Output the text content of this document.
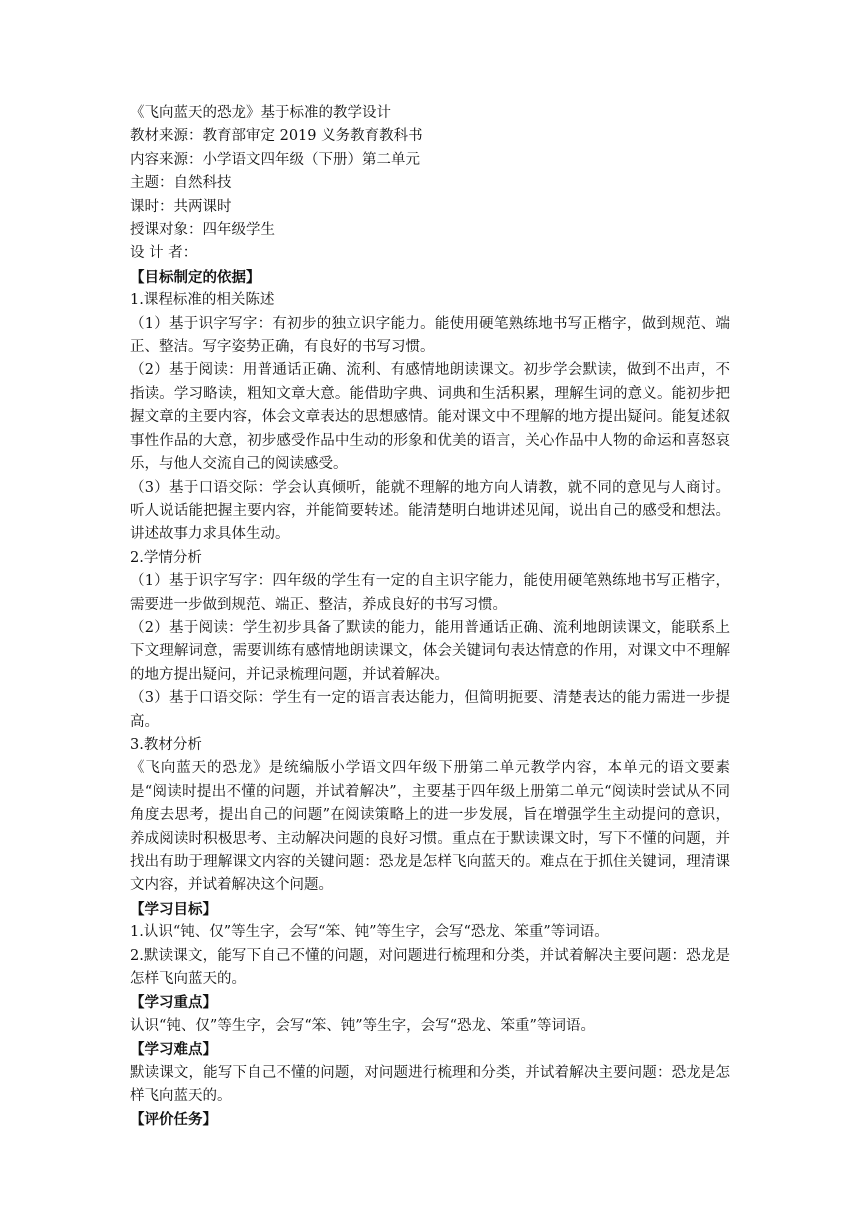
《飞向蓝天的恐龙》基于标准的教学设计
教材来源：教育部审定 2019 义务教育教科书
内容来源：小学语文四年级（下册）第二单元
主题：自然科技
课时：共两课时
授课对象：四年级学生
设 计 者：
【目标制定的依据】
1.课程标准的相关陈述
（1）基于识字写字：有初步的独立识字能力。能使用硬笔熟练地书写正楷字，做到规范、端正、整洁。写字姿势正确，有良好的书写习惯。
（2）基于阅读：用普通话正确、流利、有感情地朗读课文。初步学会默读，做到不出声，不指读。学习略读，粗知文章大意。能借助字典、词典和生活积累，理解生词的意义。能初步把握文章的主要内容，体会文章表达的思想感情。能对课文中不理解的地方提出疑问。能复述叙事性作品的大意，初步感受作品中生动的形象和优美的语言，关心作品中人物的命运和喜怒哀乐，与他人交流自己的阅读感受。
（3）基于口语交际：学会认真倾听，能就不理解的地方向人请教，就不同的意见与人商讨。听人说话能把握主要内容，并能简要转述。能清楚明白地讲述见闻，说出自己的感受和想法。讲述故事力求具体生动。
2.学情分析
（1）基于识字写字：四年级的学生有一定的自主识字能力，能使用硬笔熟练地书写正楷字，需要进一步做到规范、端正、整洁，养成良好的书写习惯。
（2）基于阅读：学生初步具备了默读的能力，能用普通话正确、流利地朗读课文，能联系上下文理解词意，需要训练有感情地朗读课文，体会关键词句表达情意的作用，对课文中不理解的地方提出疑问，并记录梳理问题，并试着解决。
（3）基于口语交际：学生有一定的语言表达能力，但简明扼要、清楚表达的能力需进一步提高。
3.教材分析
《飞向蓝天的恐龙》是统编版小学语文四年级下册第二单元教学内容，本单元的语文要素是“阅读时提出不懂的问题，并试着解决”，主要基于四年级上册第二单元“阅读时尝试从不同角度去思考，提出自己的问题”在阅读策略上的进一步发展，旨在增强学生主动提问的意识，养成阅读时积极思考、主动解决问题的良好习惯。重点在于默读课文时，写下不懂的问题，并找出有助于理解课文内容的关键问题：恐龙是怎样飞向蓝天的。难点在于抓住关键词，理清课文内容，并试着解决这个问题。
【学习目标】
1.认识“钝、仅”等生字，会写“笨、钝”等生字，会写“恐龙、笨重”等词语。
2.默读课文，能写下自己不懂的问题，对问题进行梳理和分类，并试着解决主要问题：恐龙是怎样飞向蓝天的。
【学习重点】
认识“钝、仅”等生字，会写“笨、钝”等生字，会写“恐龙、笨重”等词语。
【学习难点】
默读课文，能写下自己不懂的问题，对问题进行梳理和分类，并试着解决主要问题：恐龙是怎样飞向蓝天的。
【评价任务】
